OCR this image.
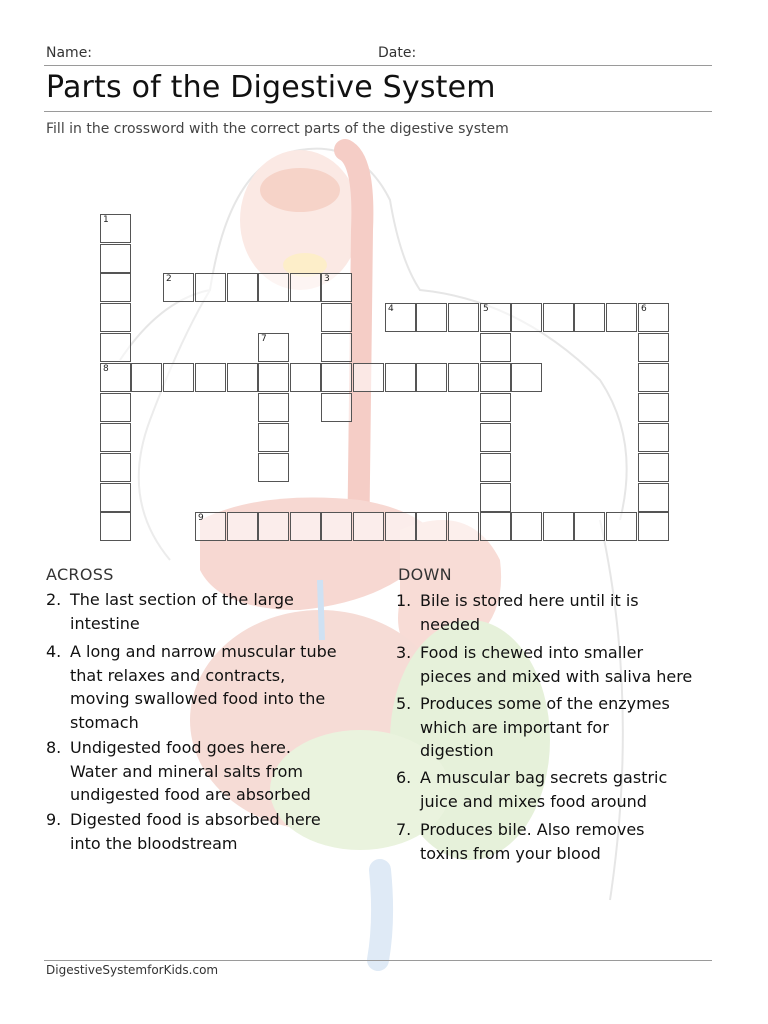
Name:	Date:
Parts of the Digestive System
Fill in the crossword with the correct parts of the digestive system
1
8
2	3
4	5	6
7
9
ACROSS
2. The last section of the large
intestine
4. A long and narrow muscular tube
that relaxes and contracts,
moving swallowed food into the
stomach
8. Undigested food goes here.
Water and mineral salts from
undigested food are absorbed
9. Digested food is absorbed here
into the bloodstream
DOWN
1. Bile is stored here until it is
needed
3. Food is chewed into smaller
pieces and mixed with saliva here
5. Produces some of the enzymes
which are important for
digestion
6. A muscular bag secrets gastric
juice and mixes food around
7. Produces bile. Also removes
toxins from your blood
DigestiveSystemforKids.com
